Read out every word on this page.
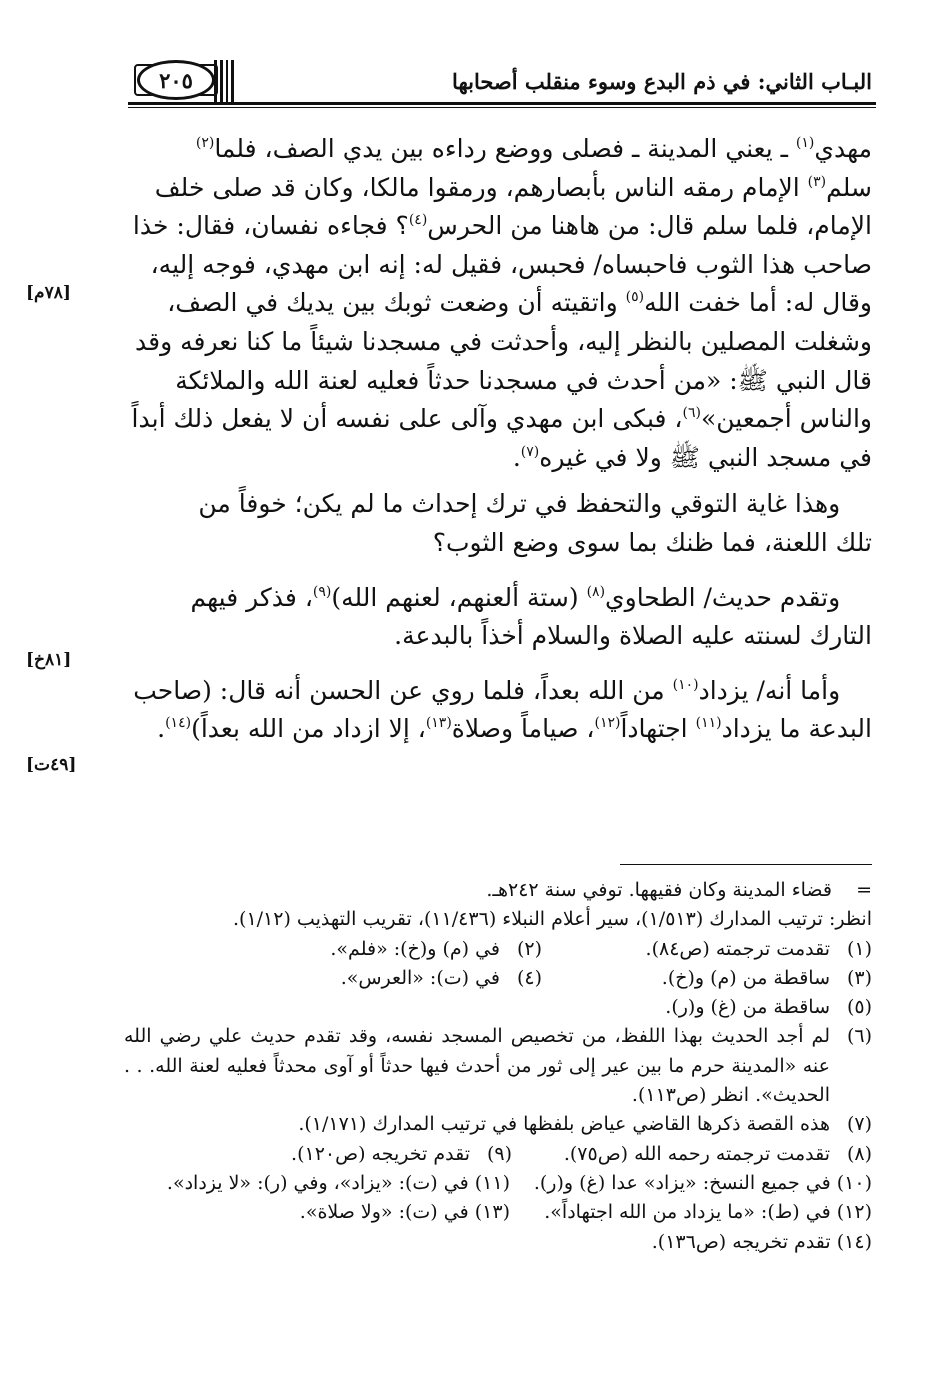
البـاب الثاني: في ذم البدع وسوء منقلب أصحابها
٢٠٥
[٧٨م]
[٨١خ]
[٤٩ت]

مهدي$^{(١)}$ ـ يعني المدينة ـ فصلى ووضع رداءه بين يدي الصف، فلما$^{(٢)}$
سلم$^{(٣)}$ الإمام رمقه الناس بأبصارهم، ورمقوا مالكا، وكان قد صلى خلف
الإمام، فلما سلم قال: من هاهنا من الحرس$^{(٤)}$؟ فجاءه نفسان، فقال: خذا
صاحب هذا الثوب فاحبساه/ فحبس، فقيل له: إنه ابن مهدي، فوجه إليه،
وقال له: أما خفت الله$^{(٥)}$ واتقيته أن وضعت ثوبك بين يديك في الصف،
وشغلت المصلين بالنظر إليه، وأحدثت في مسجدنا شيئاً ما كنا نعرفه وقد
قال النبي ﷺ: «من أحدث في مسجدنا حدثاً فعليه لعنة الله والملائكة
والناس أجمعين»$^{(٦)}$، فبكى ابن مهدي وآلى على نفسه أن لا يفعل ذلك أبداً
في مسجد النبي ﷺ ولا في غيره$^{(٧)}$.

وهذا غاية التوقي والتحفظ في ترك إحداث ما لم يكن؛ خوفاً من
تلك اللعنة، فما ظنك بما سوى وضع الثوب؟

وتقدم حديث/ الطحاوي$^{(٨)}$ (ستة ألعنهم، لعنهم الله)$^{(٩)}$، فذكر فيهم
التارك لسنته عليه الصلاة والسلام أخذاً بالبدعة.

وأما أنه/ يزداد$^{(١٠)}$ من الله بعداً، فلما روي عن الحسن أنه قال: (صاحب
البدعة ما يزداد$^{(١١)}$ اجتهاداً$^{(١٢)}$، صياماً وصلاة$^{(١٣)}$، إلا ازداد من الله بعداً)$^{(١٤)}$.

=قضاء المدينة وكان فقيهها. توفي سنة ٢٤٢هـ.
انظر: ترتيب المدارك (١/٥١٣)، سير أعلام النبلاء (١١/٤٣٦)، تقريب التهذيب (١/١٢).
(١)تقدمت ترجمته (ص٨٤).
(٢)في (م) و(خ): «فلم».
(٣)ساقطة من (م) و(خ).
(٤)في (ت): «العرس».
(٥)ساقطة من (غ) و(ر).
(٦)
لم أجد الحديث بهذا اللفظ، من تخصيص المسجد نفسه، وقد تقدم حديث علي رضي الله عنه «المدينة حرم ما بين عير إلى ثور من أحدث فيها حدثاً أو آوى محدثاً فعليه لعنة الله. . . الحديث». انظر (ص١١٣).
(٧)هذه القصة ذكرها القاضي عياض بلفظها في ترتيب المدارك (١/١٧١).
(٨)تقدمت ترجمته رحمه الله (ص٧٥).
(٩)تقدم تخريجه (ص١٢٠).
(١٠) في جميع النسخ: «يزاد» عدا (غ) و(ر).
(١١) في (ت): «يزاد»، وفي (ر): «لا يزداد».
(١٢) في (ط): «ما يزداد من الله اجتهاداً».
(١٣) في (ت): «ولا صلاة».
(١٤) تقدم تخريجه (ص١٣٦).
